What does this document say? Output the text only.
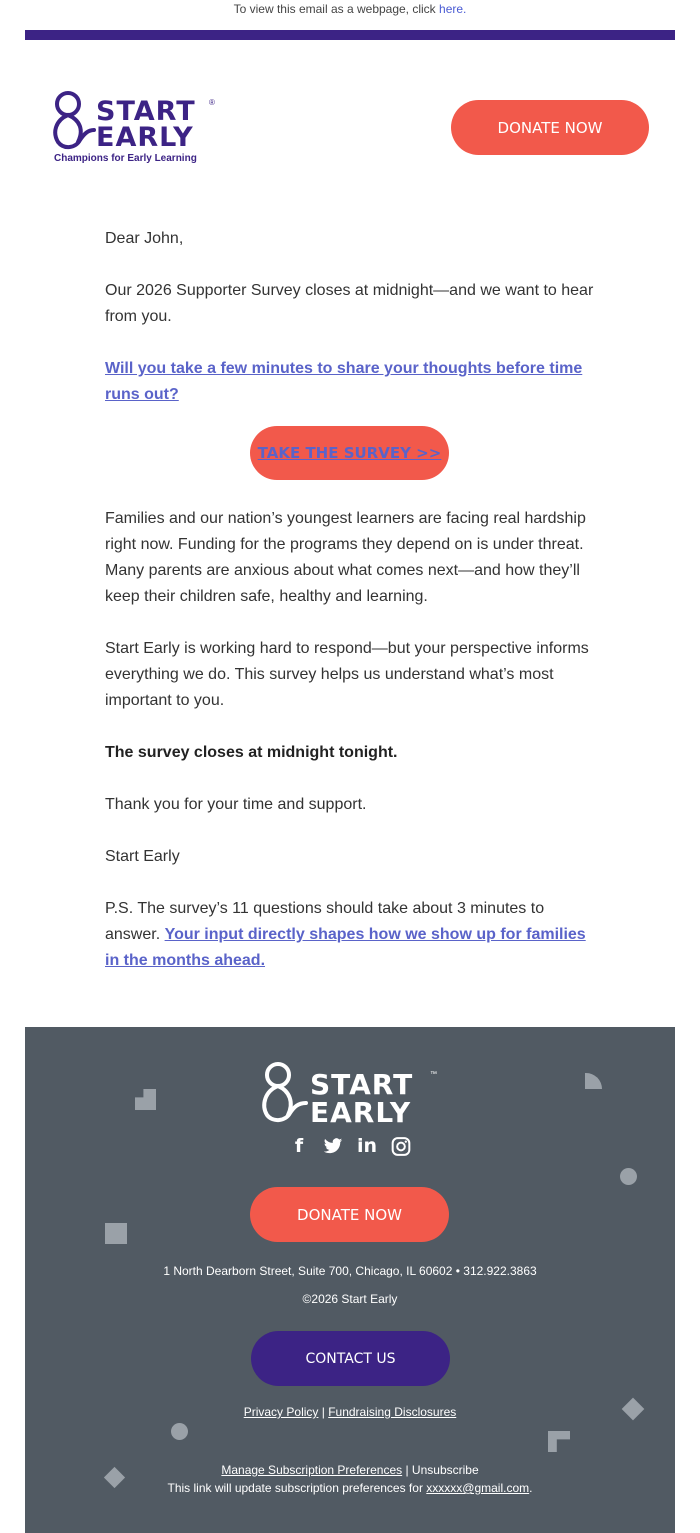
To view this email as a webpage, click here.
START ®
EARLY
Champions for Early Learning
DONATE NOW

Dear John,

Our 2026 Supporter Survey closes at midnight—and we want to hear from you.

Will you take a few minutes to share your thoughts before time runs out?

TAKE THE SURVEY >>

Families and our nation’s youngest learners are facing real hardship right now. Funding for the programs they depend on is under threat. Many parents are anxious about what comes next—and how they’ll keep their children safe, healthy and learning.

Start Early is working hard to respond—but your perspective informs everything we do. This survey helps us understand what’s most important to you.

The survey closes at midnight tonight.

Thank you for your time and support.

Start Early

P.S. The survey’s 11 questions should take about 3 minutes to answer. Your input directly shapes how we show up for families in the months ahead.

START ™
EARLY
f	in
DONATE NOW
1 North Dearborn Street, Suite 700, Chicago, IL 60602 • 312.922.3863
©2026 Start Early
CONTACT US
Privacy Policy | Fundraising Disclosures
Manage Subscription Preferences | Unsubscribe
This link will update subscription preferences for xxxxxx@gmail.com.
